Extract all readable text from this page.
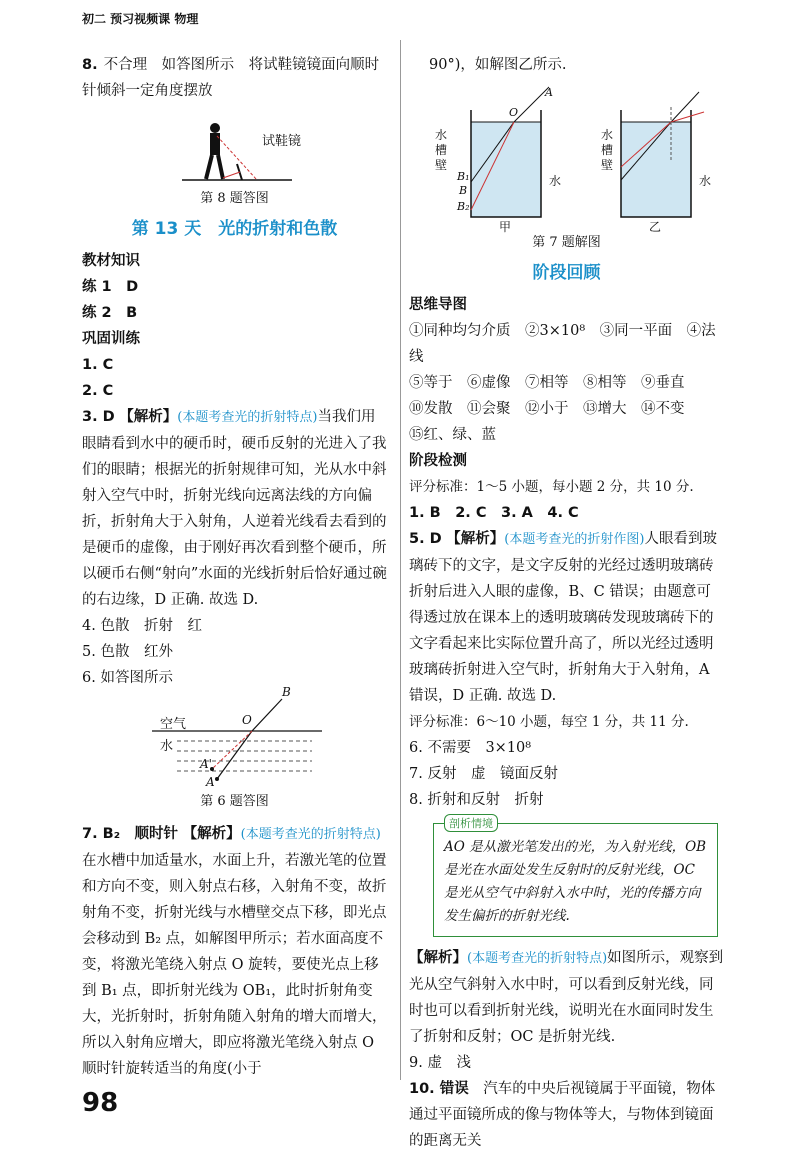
初二 预习视频课 物理

8. 不合理　如答图所示　将试鞋镜镜面向顺时针倾斜一定角度摆放

试鞋镜

第 8 题答图

第 13 天　光的折射和色散

教材知识

练 1　D

练 2　B

巩固训练

1. C

2. C

3. D 【解析】(本题考查光的折射特点)当我们用眼睛看到水中的硬币时，硬币反射的光进入了我们的眼睛；根据光的折射规律可知，光从水中斜射入空气中时，折射光线向远离法线的方向偏折，折射角大于入射角，人逆着光线看去看到的是硬币的虚像，由于刚好再次看到整个硬币，所以硬币右侧“射向”水面的光线折射后恰好通过碗的右边缘，D 正确. 故选 D.

4. 色散　折射　红

5. 色散　红外

6. 如答图所示

空气
水
B
O
A'
A

第 6 题答图

7. B₂　顺时针 【解析】(本题考查光的折射特点)在水槽中加适量水，水面上升，若激光笔的位置和方向不变，则入射点右移，入射角不变，故折射角不变，折射光线与水槽壁交点下移，即光点会移动到 B₂ 点，如解图甲所示；若水面高度不变，将激光笔绕入射点 O 旋转，要使光点上移到 B₁ 点，即折射光线为 OB₁，此时折射角变大，光折射时，折射角随入射角的增大而增大，所以入射角应增大，即应将激光笔绕入射点 O 顺时针旋转适当的角度(小于

90°)，如解图乙所示.

水槽壁
水
A
O
B₁
B
B₂
甲
水槽壁
水
乙

第 7 题解图

阶段回顾

思维导图

①同种均匀介质　②3×10⁸　③同一平面　④法线

⑤等于　⑥虚像　⑦相等　⑧相等　⑨垂直

⑩发散　⑪会聚　⑫小于　⑬增大　⑭不变

⑮红、绿、蓝

阶段检测

评分标准：1～5 小题，每小题 2 分，共 10 分.

1. B　2. C　3. A　4. C

5. D 【解析】(本题考查光的折射作图)人眼看到玻璃砖下的文字，是文字反射的光经过透明玻璃砖折射后进入人眼的虚像，B、C 错误；由题意可得透过放在课本上的透明玻璃砖发现玻璃砖下的文字看起来比实际位置升高了，所以光经过透明玻璃砖折射进入空气时，折射角大于入射角，A 错误，D 正确. 故选 D.

评分标准：6～10 小题，每空 1 分，共 11 分.

6. 不需要　3×10⁸

7. 反射　虚　镜面反射

8. 折射和反射　折射

剖析情境

AO 是从激光笔发出的光，为入射光线，OB 是光在水面处发生反射时的反射光线，OC 是光从空气中斜射入水中时，光的传播方向发生偏折的折射光线.

【解析】(本题考查光的折射特点)如图所示，观察到光从空气斜射入水中时，可以看到反射光线，同时也可以看到折射光线，说明光在水面同时发生了折射和反射；OC 是折射光线.

9. 虚　浅

10. 错误　 汽车的中央后视镜属于平面镜，物体通过平面镜所成的像与物体等大，与物体到镜面的距离无关

98
